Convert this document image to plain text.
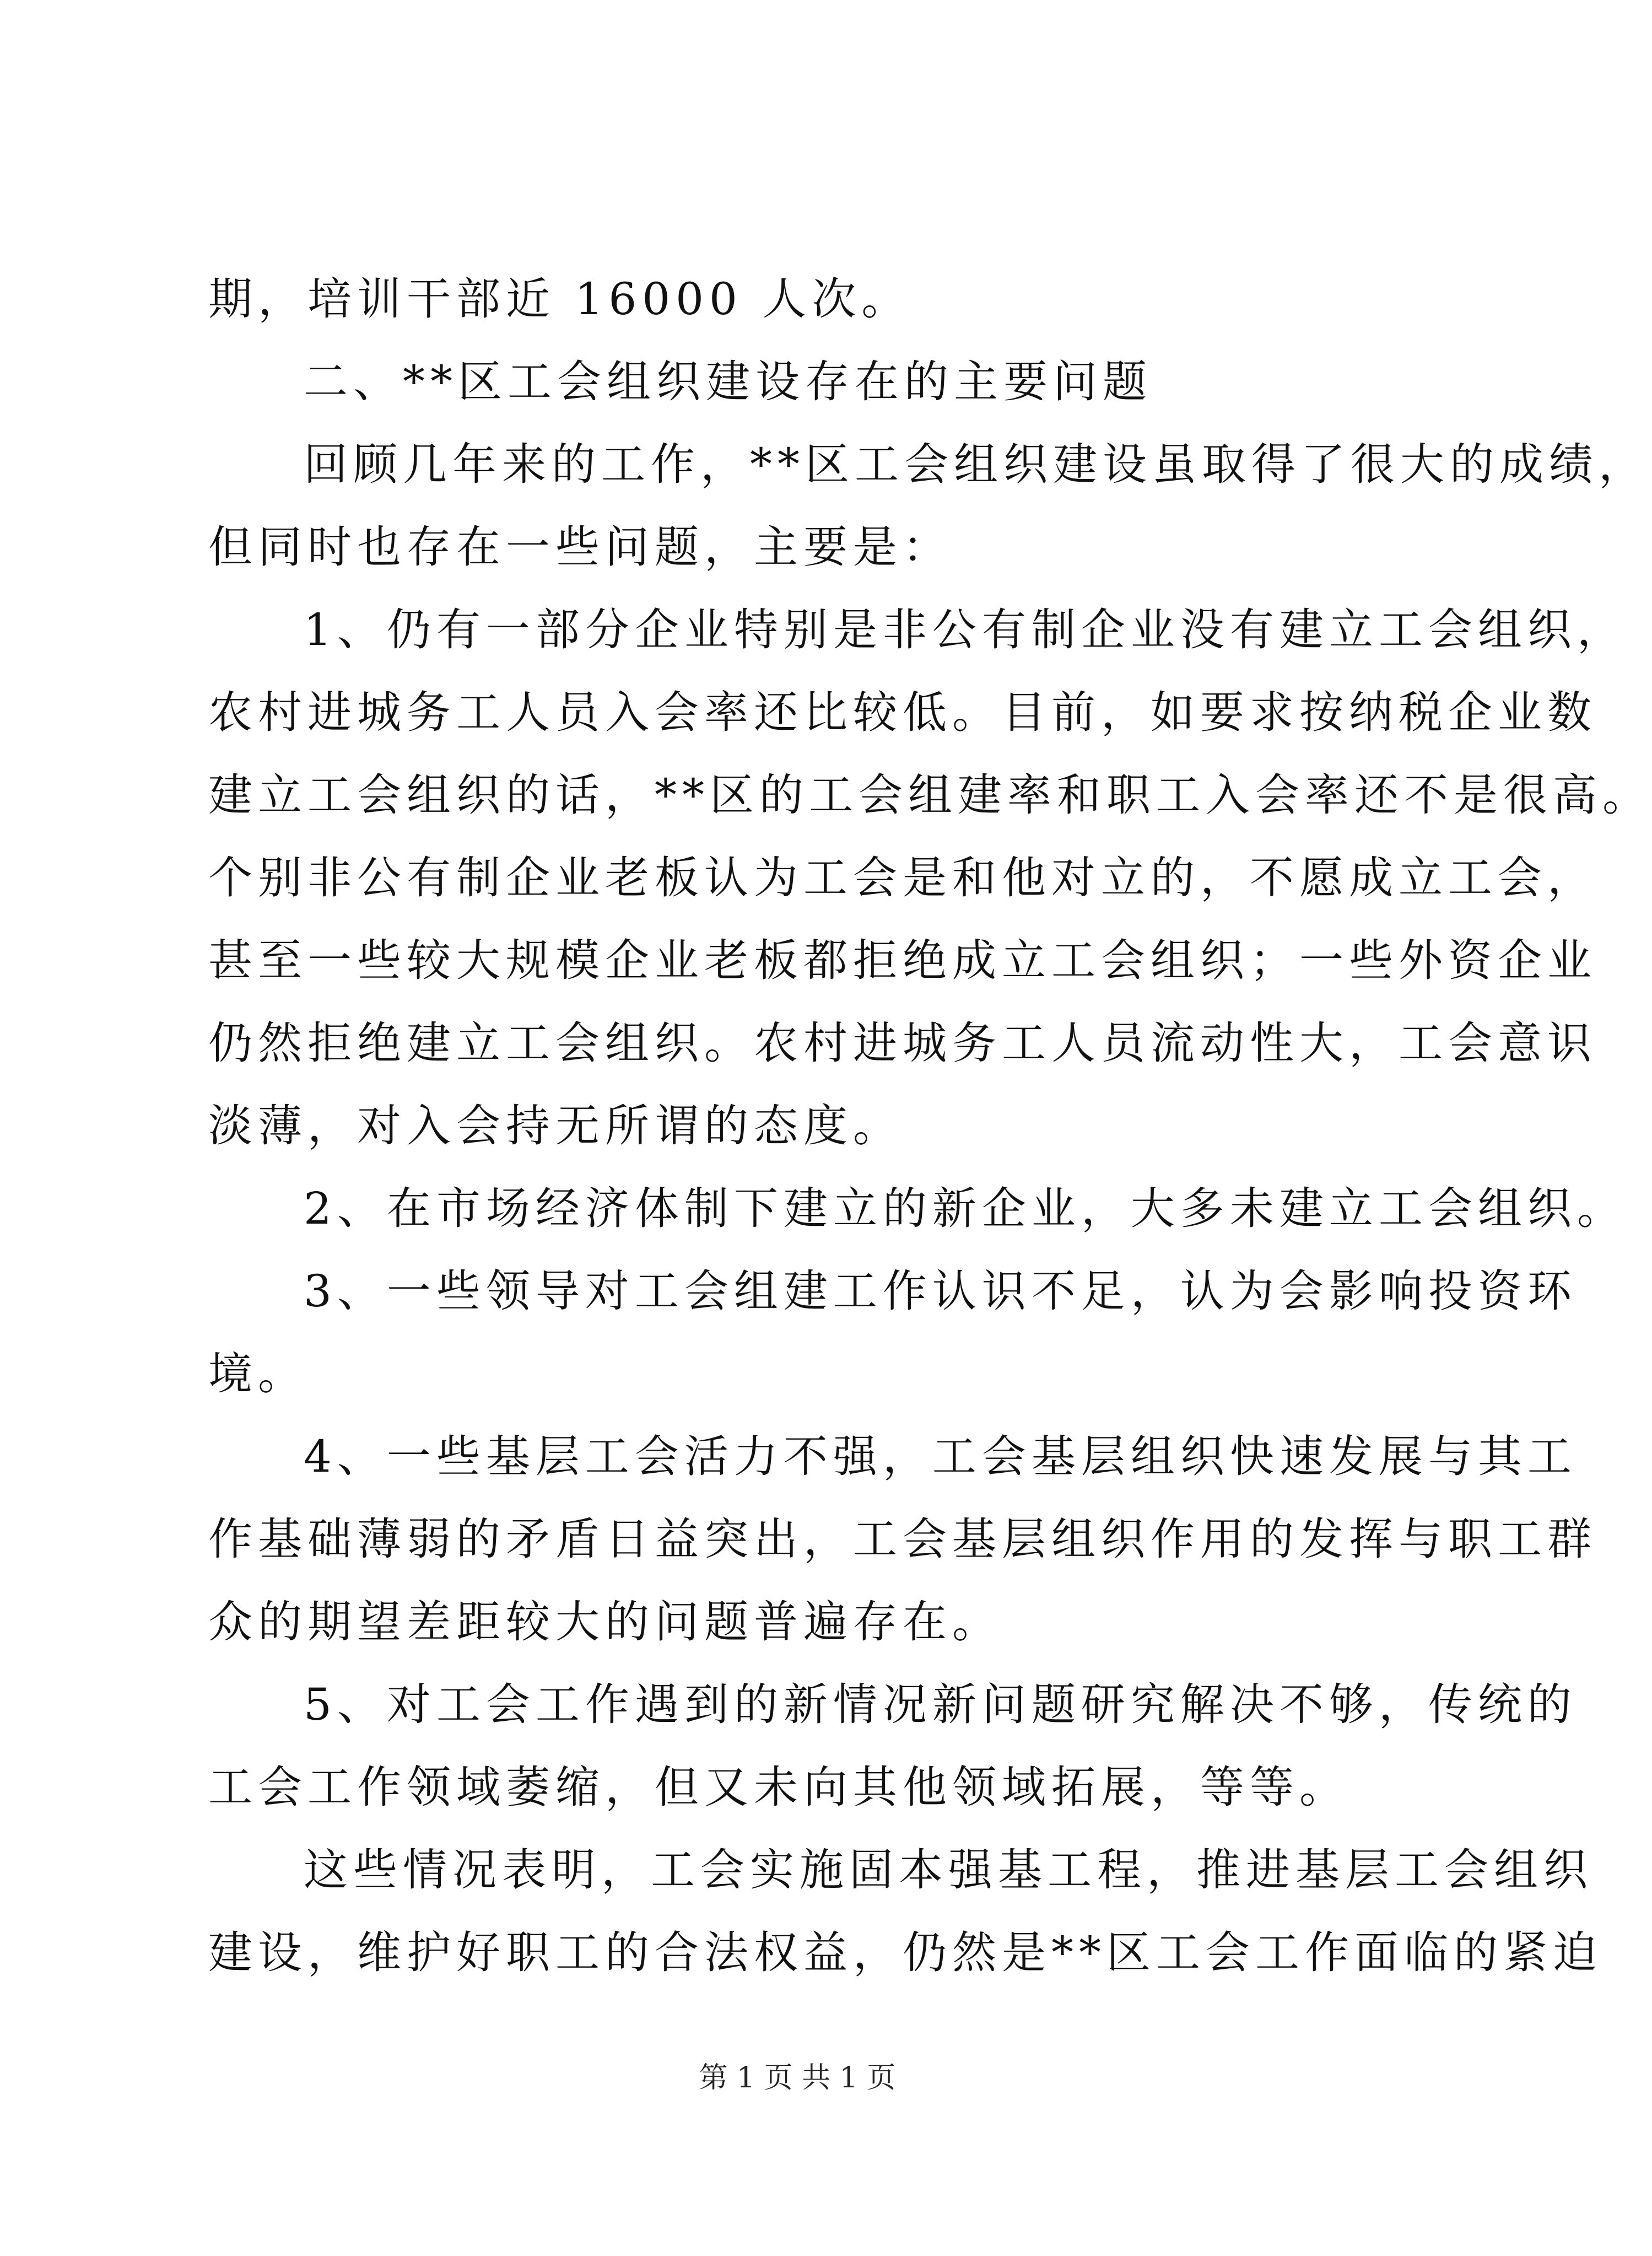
期，培训干部近 16000 人次。
二、**区工会组织建设存在的主要问题
回顾几年来的工作，**区工会组织建设虽取得了很大的成绩，
但同时也存在一些问题，主要是：
1、仍有一部分企业特别是非公有制企业没有建立工会组织，
农村进城务工人员入会率还比较低。目前，如要求按纳税企业数
建立工会组织的话，**区的工会组建率和职工入会率还不是很高。
个别非公有制企业老板认为工会是和他对立的，不愿成立工会，
甚至一些较大规模企业老板都拒绝成立工会组织；一些外资企业
仍然拒绝建立工会组织。农村进城务工人员流动性大，工会意识
淡薄，对入会持无所谓的态度。
2、在市场经济体制下建立的新企业，大多未建立工会组织。
3、一些领导对工会组建工作认识不足，认为会影响投资环
境。
4、一些基层工会活力不强，工会基层组织快速发展与其工
作基础薄弱的矛盾日益突出，工会基层组织作用的发挥与职工群
众的期望差距较大的问题普遍存在。
5、对工会工作遇到的新情况新问题研究解决不够，传统的
工会工作领域萎缩，但又未向其他领域拓展，等等。
这些情况表明，工会实施固本强基工程，推进基层工会组织
建设，维护好职工的合法权益，仍然是**区工会工作面临的紧迫
第 1 页 共 1 页
